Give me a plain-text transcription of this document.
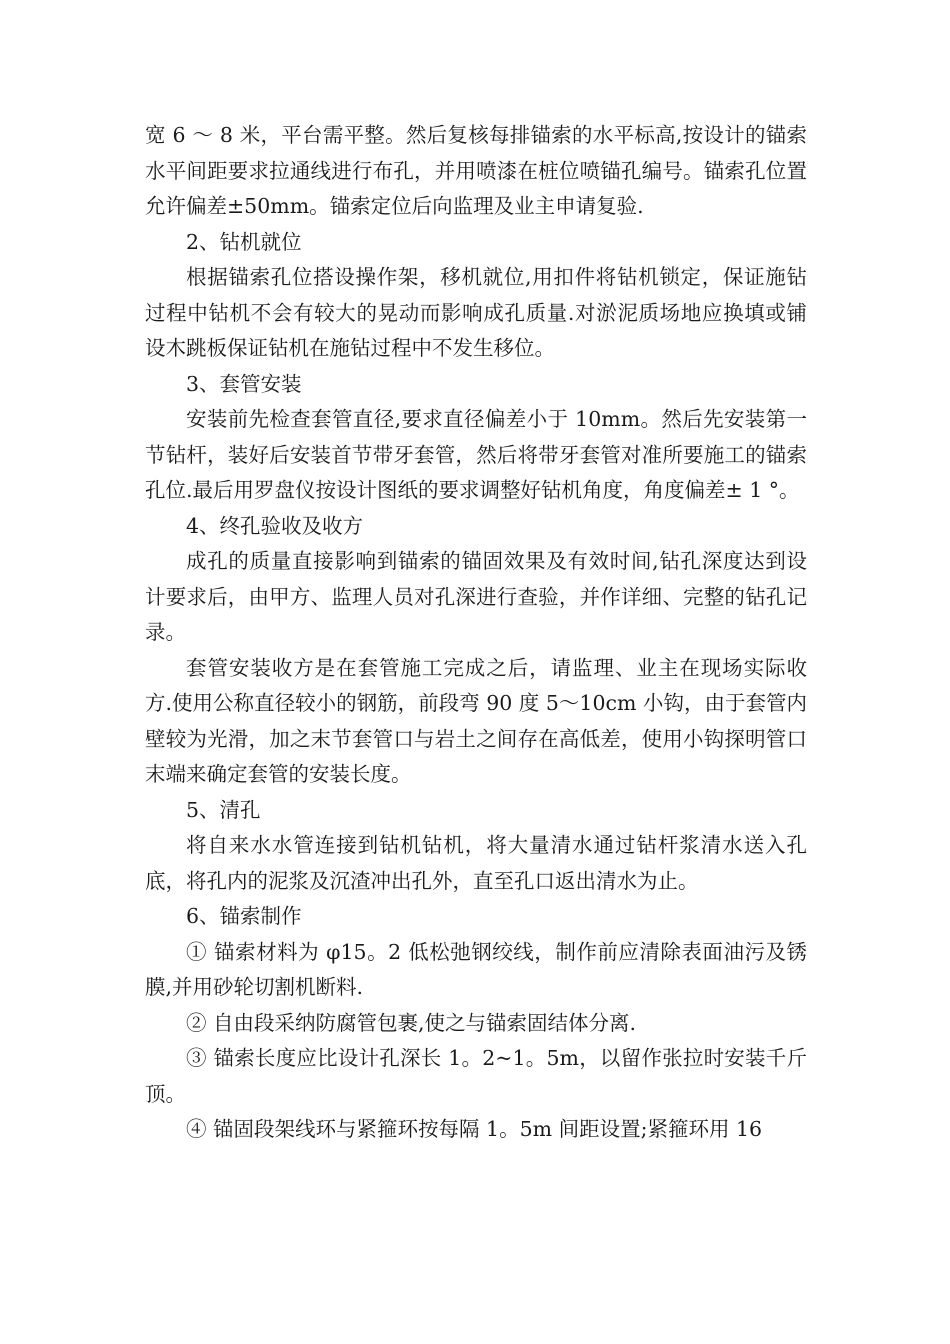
宽 6 ～ 8 米，平台需平整。然后复核每排锚索的水平标高,按设计的锚索水平间距要求拉通线进行布孔，并用喷漆在桩位喷锚孔编号。锚索孔位置允许偏差±50mm。锚索定位后向监理及业主申请复验.

2、钻机就位

根据锚索孔位搭设操作架，移机就位,用扣件将钻机锁定，保证施钻过程中钻机不会有较大的晃动而影响成孔质量.对淤泥质场地应换填或铺设木跳板保证钻机在施钻过程中不发生移位。

3、套管安装

安装前先检查套管直径,要求直径偏差小于 10mm。然后先安装第一节钻杆，装好后安装首节带牙套管，然后将带牙套管对准所要施工的锚索孔位.最后用罗盘仪按设计图纸的要求调整好钻机角度，角度偏差± 1 °。

4、终孔验收及收方

成孔的质量直接影响到锚索的锚固效果及有效时间,钻孔深度达到设计要求后，由甲方、监理人员对孔深进行查验，并作详细、完整的钻孔记录。

套管安装收方是在套管施工完成之后，请监理、业主在现场实际收方.使用公称直径较小的钢筋，前段弯 90 度 5～10cm 小钩，由于套管内壁较为光滑，加之末节套管口与岩土之间存在高低差，使用小钩探明管口末端来确定套管的安装长度。

5、清孔

将自来水水管连接到钻机钻机，将大量清水通过钻杆浆清水送入孔底，将孔内的泥浆及沉渣冲出孔外，直至孔口返出清水为止。

6、锚索制作

① 锚索材料为 φ15。2 低松弛钢绞线，制作前应清除表面油污及锈膜,并用砂轮切割机断料.

② 自由段采纳防腐管包裹,使之与锚索固结体分离.

③ 锚索长度应比设计孔深长 1。2~1。5m，以留作张拉时安装千斤顶。

④ 锚固段架线环与紧箍环按每隔 1。5m 间距设置;紧箍环用 16
